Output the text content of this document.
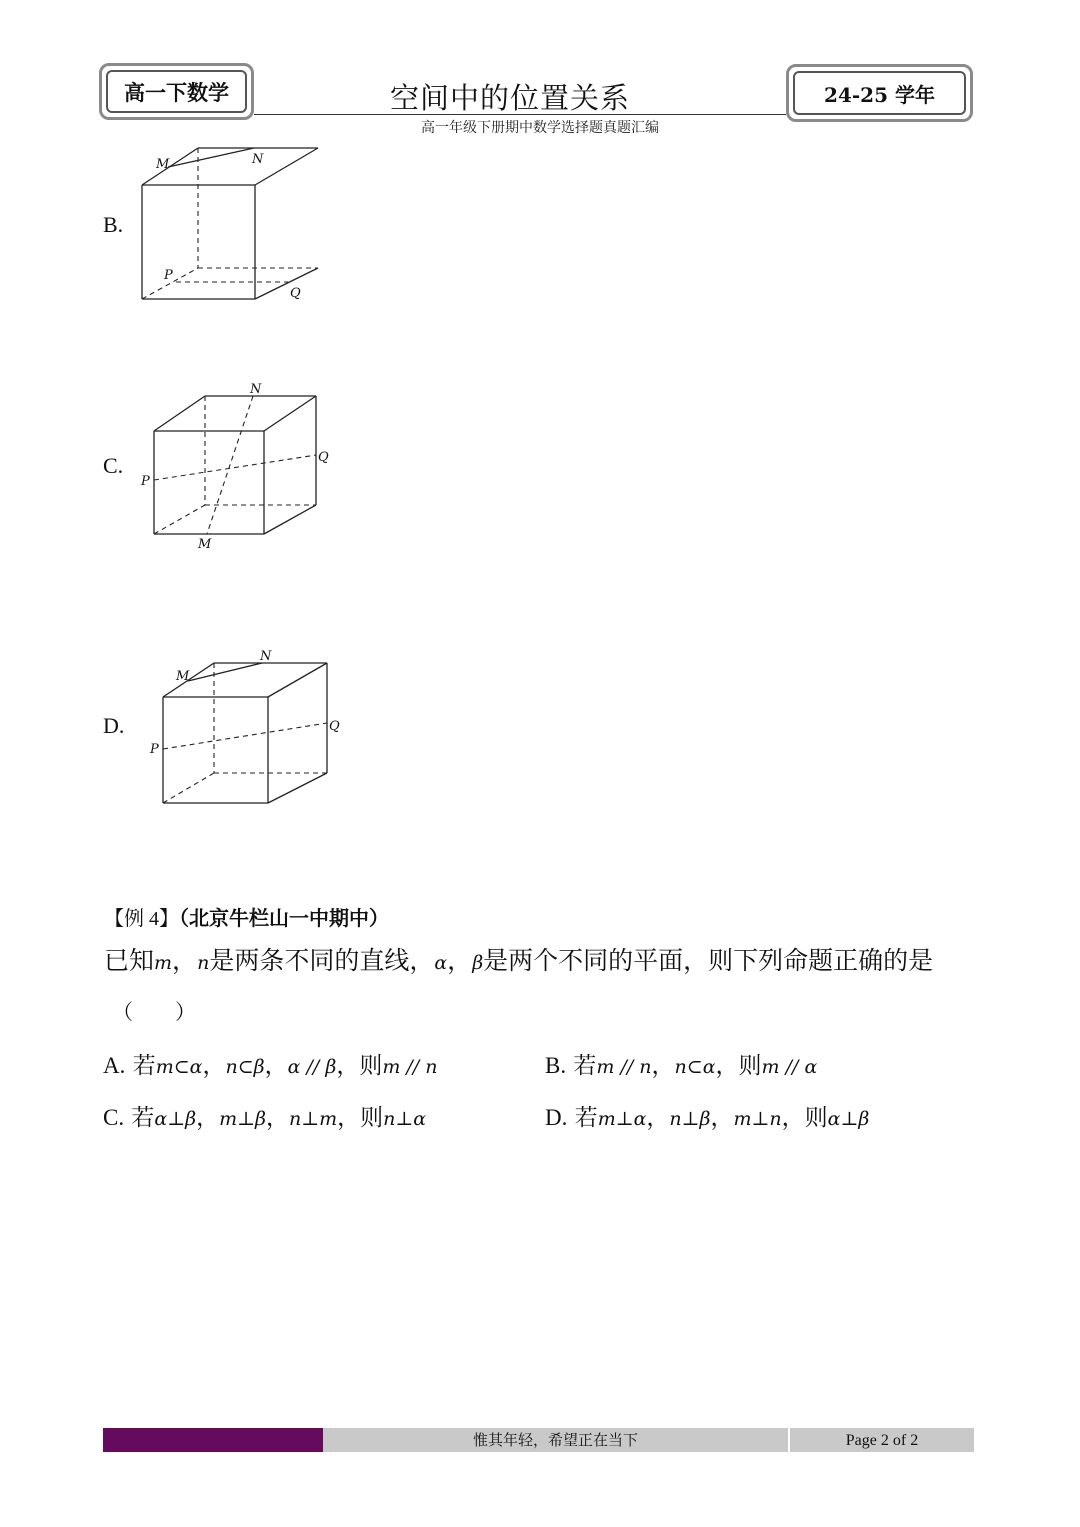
高一下数学	空间中的位置关系	24-25 学年
高一年级下册期中数学选择题真题汇编
B.
M	N
P
Q
C.
N
Q
P
M
D.
M
N
P
Q
【例 4】（北京牛栏山一中期中）
已知m，n是两条不同的直线，α，β是两个不同的平面，则下列命题正确的是
（　　）
A. 若m⊂α，n⊂β，α // β，则m // n	B. 若m // n，n⊂α，则m // α
C. 若α⊥β，m⊥β，n⊥m，则n⊥α	D. 若m⊥α，n⊥β，m⊥n，则α⊥β
惟其年轻，希望正在当下	Page 2 of 2
